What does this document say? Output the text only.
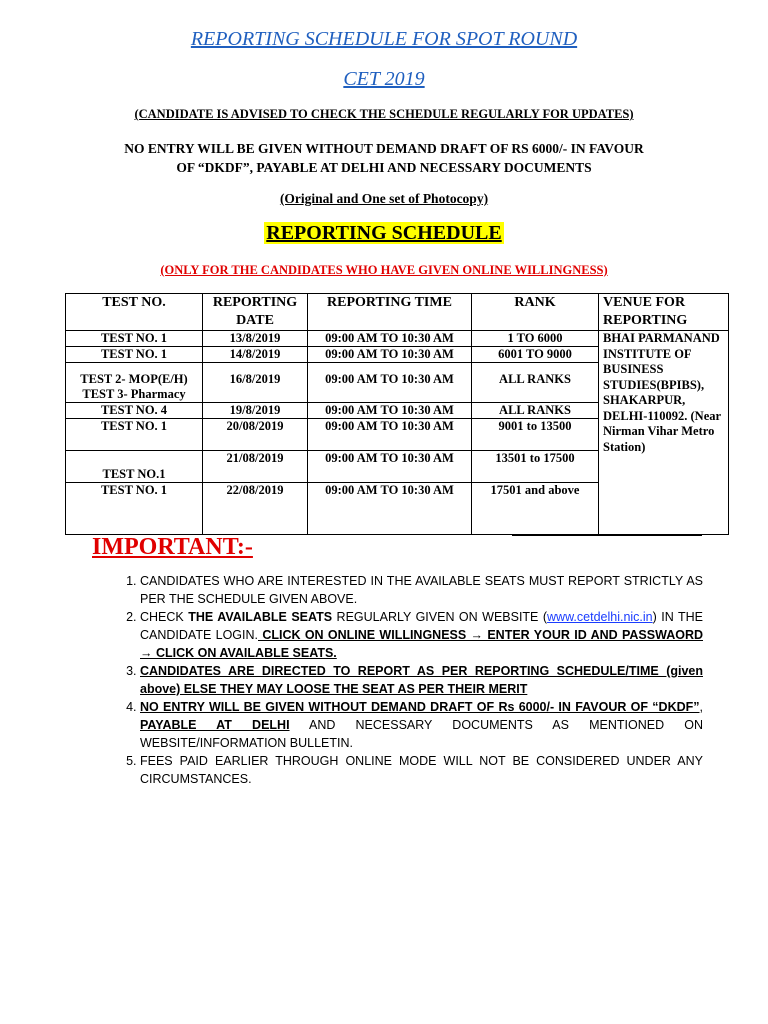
REPORTING SCHEDULE FOR SPOT ROUND
CET 2019
(CANDIDATE IS ADVISED TO CHECK THE SCHEDULE REGULARLY FOR UPDATES)
NO ENTRY WILL BE GIVEN WITHOUT DEMAND DRAFT OF RS 6000/- IN FAVOUR
OF “DKDF”, PAYABLE AT DELHI AND NECESSARY DOCUMENTS
(Original and One set of Photocopy)
REPORTING SCHEDULE
(ONLY FOR THE CANDIDATES WHO HAVE GIVEN ONLINE WILLINGNESS)
TEST NO.	REPORTING DATE	REPORTING TIME	RANK	VENUE FOR REPORTING
TEST NO. 1	13/8/2019	09:00 AM TO 10:30 AM	1 TO 6000	BHAI PARMANAND INSTITUTE OF BUSINESS STUDIES(BPIBS), SHAKARPUR, DELHI-110092. (Near Nirman Vihar Metro Station)
TEST NO. 1	14/8/2019	09:00 AM TO 10:30 AM	6001 TO 9000	

TEST 2- MOP(E/H)
TEST 3- Pharmacy	16/8/2019	09:00 AM TO 10:30 AM	ALL RANKS	
TEST NO. 4	19/8/2019	09:00 AM TO 10:30 AM	ALL RANKS	
TEST NO. 1	20/08/2019	09:00 AM TO 10:30 AM	9001 to 13500	
TEST NO.1	21/08/2019	09:00 AM TO 10:30 AM	13501 to 17500	
TEST NO. 1	22/08/2019	09:00 AM TO 10:30 AM	17501 and above	
IMPORTANT:-
1. CANDIDATES WHO ARE INTERESTED IN THE AVAILABLE SEATS MUST REPORT STRICTLY AS PER THE SCHEDULE GIVEN ABOVE.
2. CHECK THE AVAILABLE SEATS REGULARLY GIVEN ON WEBSITE (www.cetdelhi.nic.in) IN THE CANDIDATE LOGIN. CLICK ON ONLINE WILLINGNESS → ENTER YOUR ID AND PASSWAORD → CLICK ON AVAILABLE SEATS.
3. CANDIDATES ARE DIRECTED TO REPORT AS PER REPORTING SCHEDULE/TIME (given above) ELSE THEY MAY LOOSE THE SEAT AS PER THEIR MERIT
4. NO ENTRY WILL BE GIVEN WITHOUT DEMAND DRAFT OF Rs 6000/- IN FAVOUR OF “DKDF”, PAYABLE AT DELHI AND NECESSARY DOCUMENTS AS MENTIONED ON WEBSITE/INFORMATION BULLETIN.
5. FEES PAID EARLIER THROUGH ONLINE MODE WILL NOT BE CONSIDERED UNDER ANY CIRCUMSTANCES.
